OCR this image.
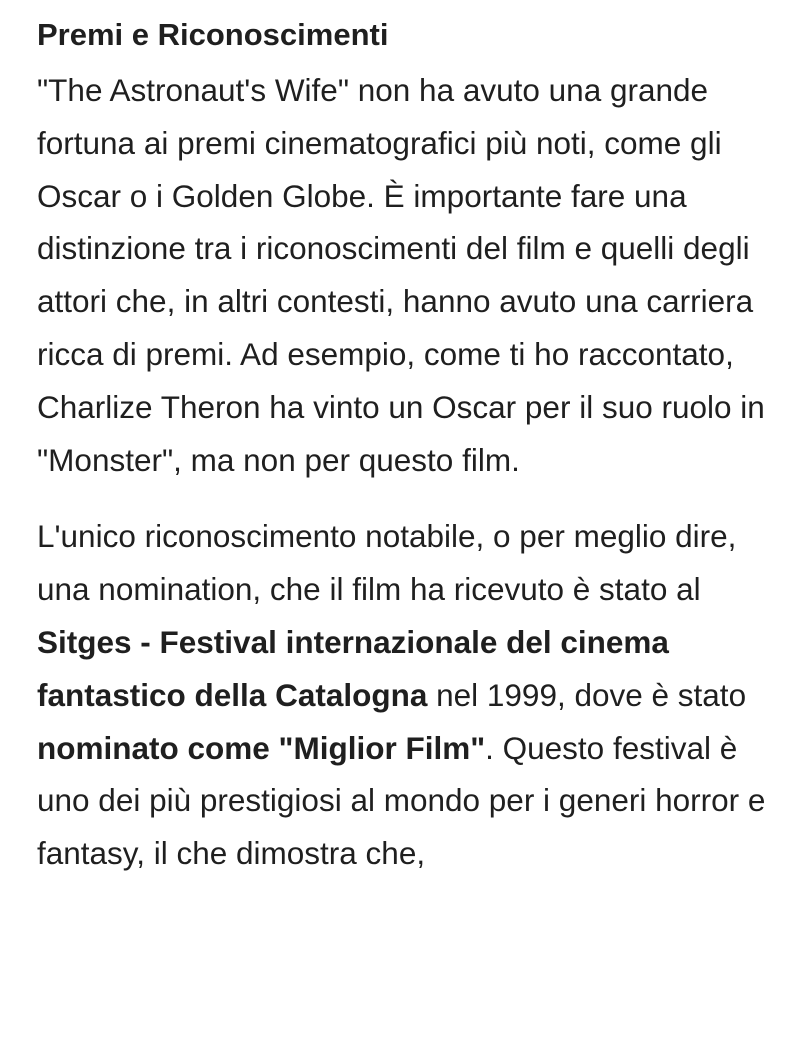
Premi e Riconoscimenti

"The Astronaut's Wife" non ha avuto una grande fortuna ai premi cinematografici più noti, come gli Oscar o i Golden Globe. È importante fare una distinzione tra i riconoscimenti del film e quelli degli attori che, in altri contesti, hanno avuto una carriera ricca di premi. Ad esempio, come ti ho raccontato, Charlize Theron ha vinto un Oscar per il suo ruolo in "Monster", ma non per questo film.

L'unico riconoscimento notabile, o per meglio dire, una nomination, che il film ha ricevuto è stato al Sitges - Festival internazionale del cinema fantastico della Catalogna nel 1999, dove è stato nominato come "Miglior Film". Questo festival è uno dei più prestigiosi al mondo per i generi horror e fantasy, il che dimostra che,
